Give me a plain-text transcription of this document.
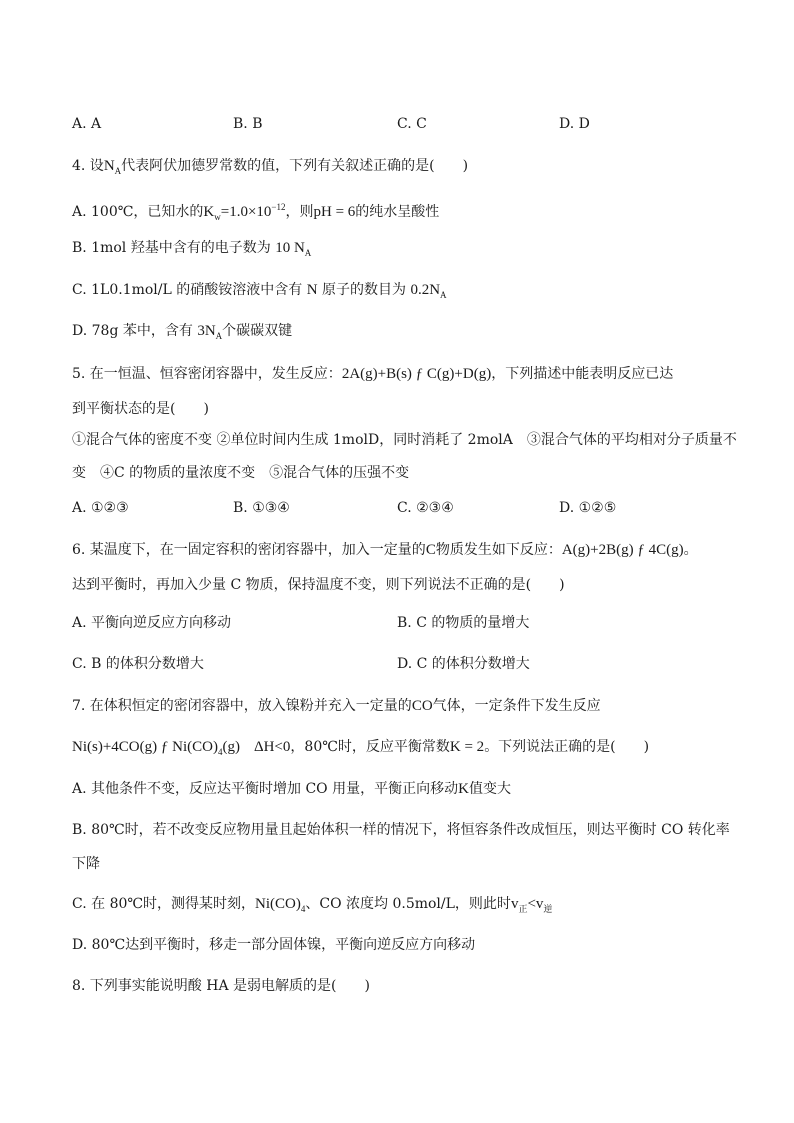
A. A	B. B	C. C	D. D
4. 设$N_A$代表阿伏加德罗常数的值，下列有关叙述正确的是(　　)
A. 100℃，已知水的$K_w=1.0\times 10^{-12}$，则pH = 6的纯水呈酸性
B. 1mol 羟基中含有的电子数为 10 $N_A$
C. 1L0.1mol/L 的硝酸铵溶液中含有 N 原子的数目为 $0.2N_A$
D. 78g 苯中，含有 $3N_A$个碳碳双键
5. 在一恒温、恒容密闭容器中，发生反应：2A(g)+B(s) ƒ C(g)+D(g)，下列描述中能表明反应已达
到平衡状态的是(　　)
①混合气体的密度不变 ②单位时间内生成 1molD，同时消耗了 2molA　③混合气体的平均相对分子质量不
变　④C 的物质的量浓度不变　⑤混合气体的压强不变
A. ①②③	B. ①③④	C. ②③④	D. ①②⑤
6. 某温度下，在一固定容积的密闭容器中，加入一定量的C物质发生如下反应：A(g)+2B(g) ƒ 4C(g)。
达到平衡时，再加入少量 C 物质，保持温度不变，则下列说法不正确的是(　　)
A. 平衡向逆反应方向移动	B. C 的物质的量增大
C. B 的体积分数增大	D. C 的体积分数增大
7. 在体积恒定的密闭容器中，放入镍粉并充入一定量的CO气体，一定条件下发生反应
Ni(s)+4CO(g) ƒ $Ni(CO)_4(g)$　 ΔH<0，80℃时，反应平衡常数K = 2。下列说法正确的是(　　)
A. 其他条件不变，反应达平衡时增加 CO 用量，平衡正向移动K值变大
B. 80℃时，若不改变反应物用量且起始体积一样的情况下，将恒容条件改成恒压，则达平衡时 CO 转化率
下降
C. 在 80℃时，测得某时刻，$Ni(CO)_4$、CO 浓度均 0.5mol/L，则此时$v_正<v_逆$
D. 80℃达到平衡时，移走一部分固体镍，平衡向逆反应方向移动
8. 下列事实能说明酸 HA 是弱电解质的是(　　)
